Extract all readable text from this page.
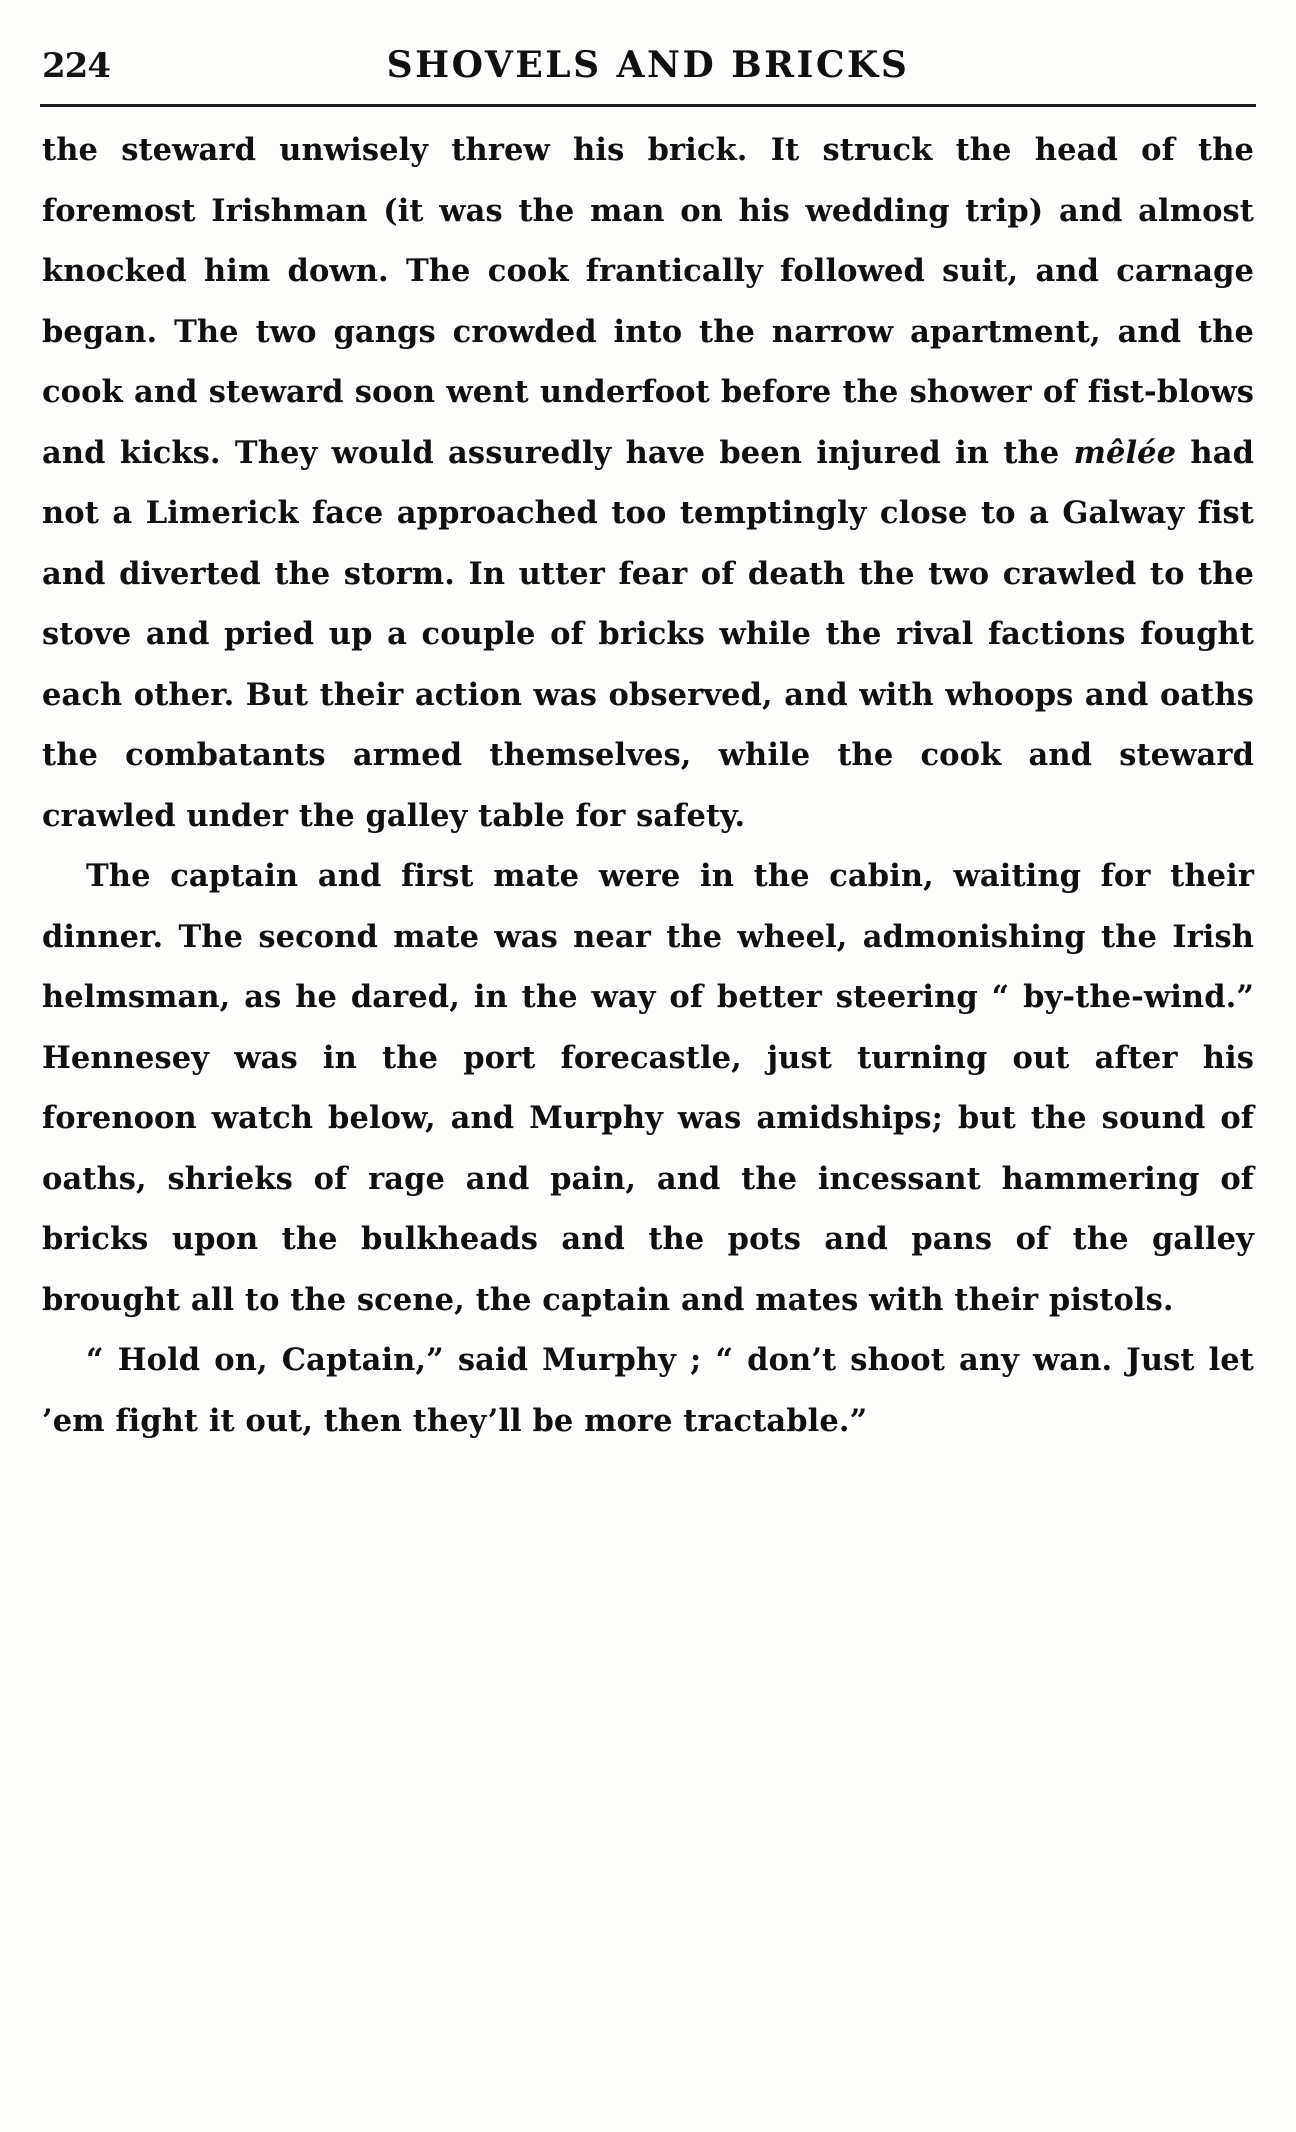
224	SHOVELS AND BRICKS

the steward unwisely threw his brick. It struck the head of the foremost Irishman (it was the man on his wedding trip) and almost knocked him down. The cook frantically followed suit, and carnage began. The two gangs crowded into the narrow apartment, and the cook and steward soon went underfoot before the shower of fist-blows and kicks. They would assuredly have been injured in the mêlée had not a Limerick face approached too temptingly close to a Galway fist and diverted the storm. In utter fear of death the two crawled to the stove and pried up a couple of bricks while the rival factions fought each other. But their action was observed, and with whoops and oaths the combatants armed themselves, while the cook and steward crawled under the galley table for safety.

The captain and first mate were in the cabin, waiting for their dinner. The second mate was near the wheel, admonishing the Irish helmsman, as he dared, in the way of better steering “ by-the-wind.” Hennesey was in the port forecastle, just turning out after his forenoon watch below, and Murphy was amidships; but the sound of oaths, shrieks of rage and pain, and the incessant hammering of bricks upon the bulkheads and the pots and pans of the galley brought all to the scene, the captain and mates with their pistols.

“ Hold on, Captain,” said Murphy ; “ don’t shoot any wan. Just let ’em fight it out, then they’ll be more tractable.”
